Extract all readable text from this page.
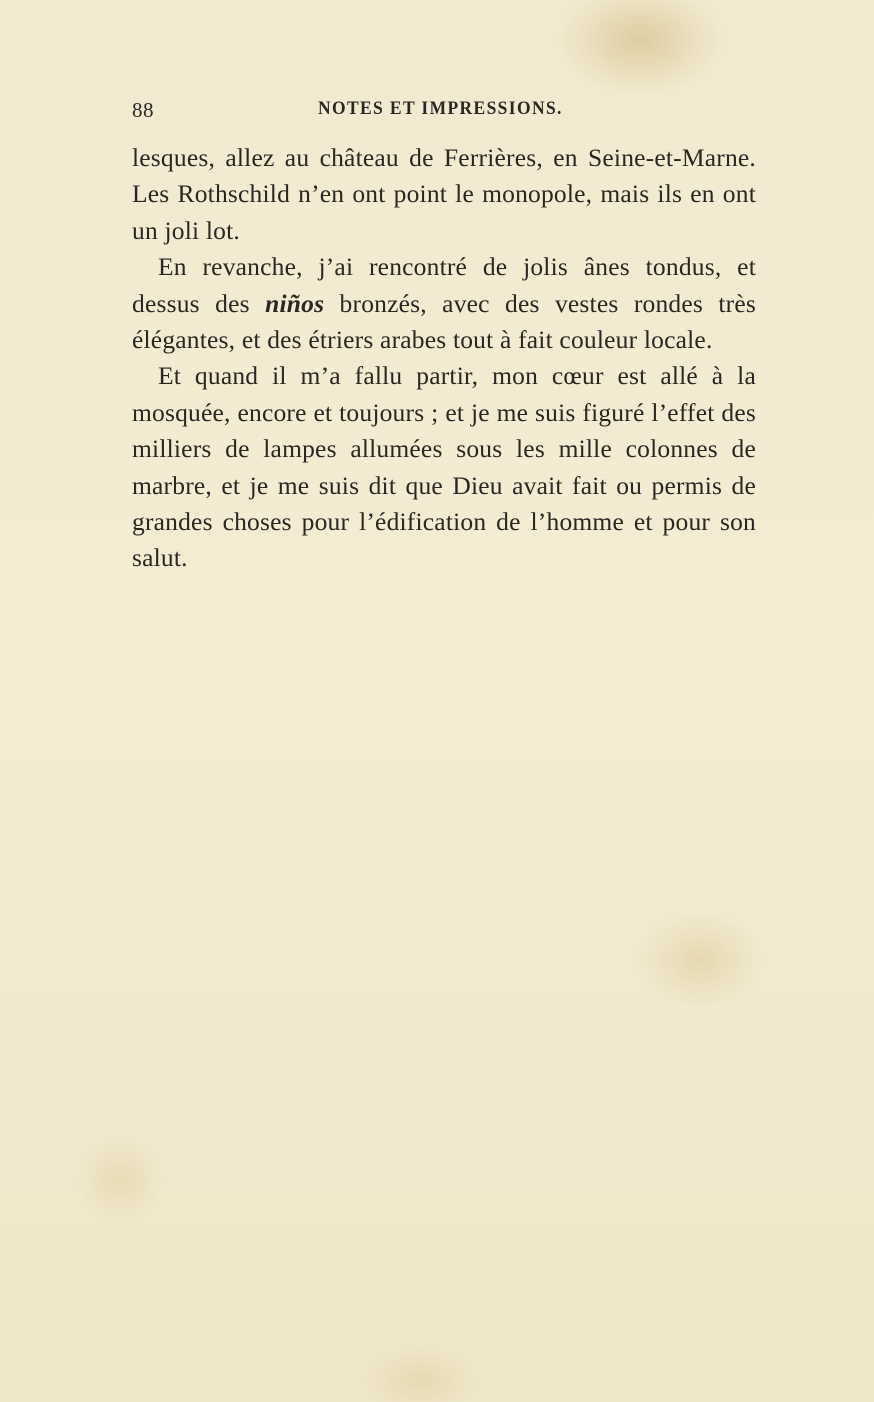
88	NOTES ET IMPRESSIONS.

lesques, allez au château de Ferrières, en Seine-et-Marne. Les Rothschild n’en ont point le monopole, mais ils en ont un joli lot.

En revanche, j’ai rencontré de jolis ânes tondus, et dessus des niños bronzés, avec des vestes rondes très élégantes, et des étriers arabes tout à fait couleur locale.

Et quand il m’a fallu partir, mon cœur est allé à la mosquée, encore et toujours ; et je me suis figuré l’effet des milliers de lampes allumées sous les mille colonnes de marbre, et je me suis dit que Dieu avait fait ou permis de grandes choses pour l’édification de l’homme et pour son salut.
